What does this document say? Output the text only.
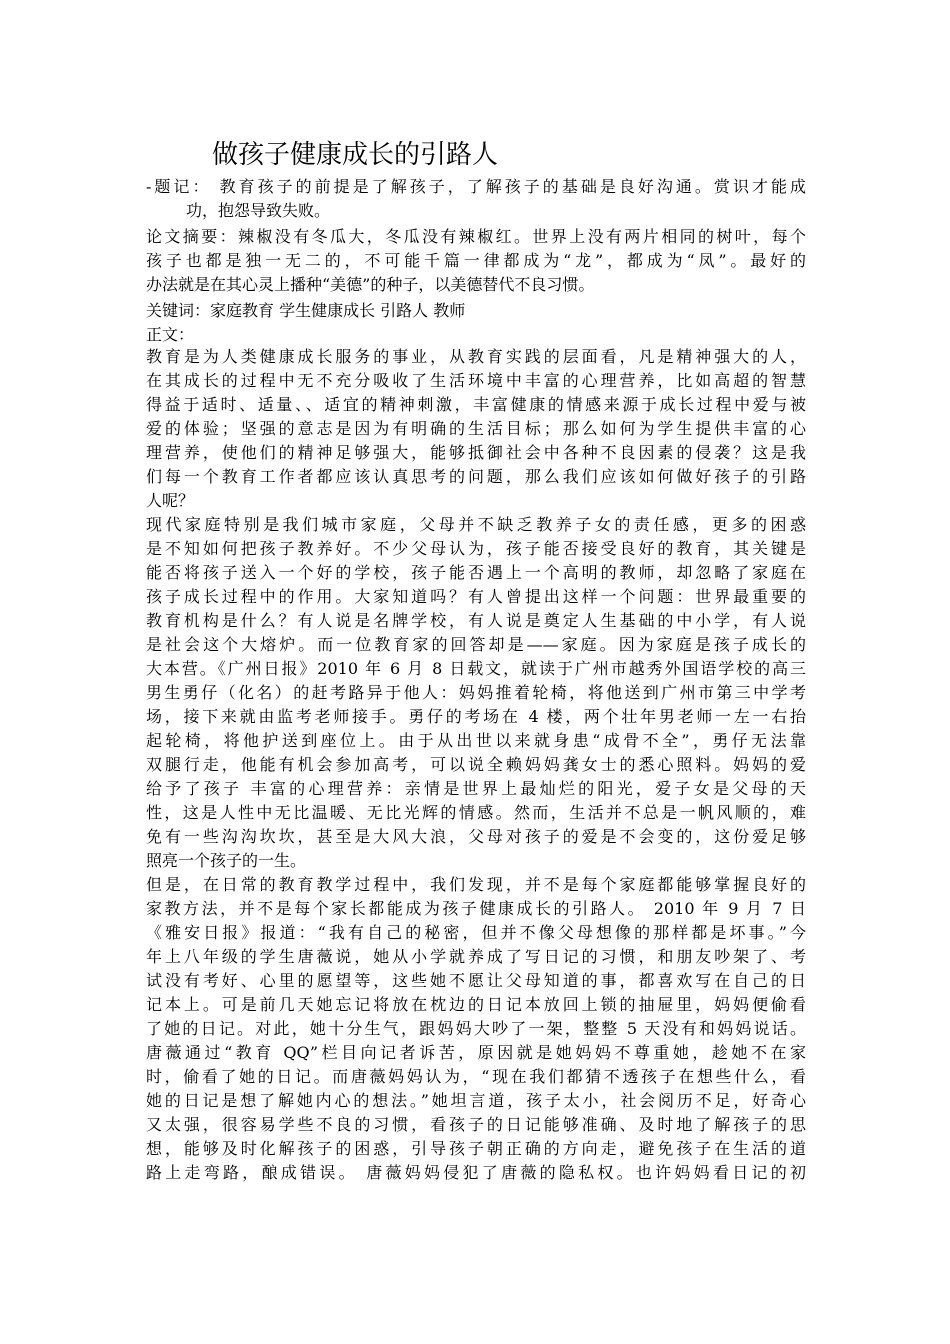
做孩子健康成长的引路人
-题记： 教育孩子的前提是了解孩子，了解孩子的基础是良好沟通。赏识才能成
功，抱怨导致失败。
论文摘要：辣椒没有冬瓜大，冬瓜没有辣椒红。世界上没有两片相同的树叶，每个
孩子也都是独一无二的，不可能千篇一律都成为“龙”，都成为“凤”。最好的
办法就是在其心灵上播种“美德”的种子，以美德替代不良习惯。
关键词：家庭教育 学生健康成长 引路人 教师
正文：
教育是为人类健康成长服务的事业，从教育实践的层面看，凡是精神强大的人，
在其成长的过程中无不充分吸收了生活环境中丰富的心理营养，比如高超的智慧
得益于适时、适量、、适宜的精神刺激，丰富健康的情感来源于成长过程中爱与被
爱的体验；坚强的意志是因为有明确的生活目标；那么如何为学生提供丰富的心
理营养，使他们的精神足够强大，能够抵御社会中各种不良因素的侵袭？这是我
们每一个教育工作者都应该认真思考的问题，那么我们应该如何做好孩子的引路
人呢？
现代家庭特别是我们城市家庭，父母并不缺乏教养子女的责任感，更多的困惑
是不知如何把孩子教养好。不少父母认为，孩子能否接受良好的教育，其关键是
能否将孩子送入一个好的学校，孩子能否遇上一个高明的教师，却忽略了家庭在
孩子成长过程中的作用。大家知道吗？有人曾提出这样一个问题：世界最重要的
教育机构是什么？有人说是名牌学校，有人说是奠定人生基础的中小学，有人说
是社会这个大熔炉。而一位教育家的回答却是——家庭。因为家庭是孩子成长的
大本营。《广州日报》2010 年 6 月 8 日载文，就读于广州市越秀外国语学校的高三
男生勇仔（化名）的赶考路异于他人：妈妈推着轮椅，将他送到广州市第三中学考
场，接下来就由监考老师接手。勇仔的考场在 4 楼，两个壮年男老师一左一右抬
起轮椅，将他护送到座位上。由于从出世以来就身患“成骨不全”，勇仔无法靠
双腿行走，他能有机会参加高考，可以说全赖妈妈龚女士的悉心照料。妈妈的爱
给予了孩子 丰富的心理营养：亲情是世界上最灿烂的阳光，爱子女是父母的天
性，这是人性中无比温暖、无比光辉的情感。然而，生活并不总是一帆风顺的，难
免有一些沟沟坎坎，甚至是大风大浪，父母对孩子的爱是不会变的，这份爱足够
照亮一个孩子的一生。
但是，在日常的教育教学过程中，我们发现，并不是每个家庭都能够掌握良好的
家教方法，并不是每个家长都能成为孩子健康成长的引路人。 2010 年 9 月 7 日
《雅安日报》报道：“我有自己的秘密，但并不像父母想像的那样都是坏事。”今
年上八年级的学生唐薇说，她从小学就养成了写日记的习惯，和朋友吵架了、考
试没有考好、心里的愿望等，这些她不愿让父母知道的事，都喜欢写在自己的日
记本上。可是前几天她忘记将放在枕边的日记本放回上锁的抽屉里，妈妈便偷看
了她的日记。对此，她十分生气，跟妈妈大吵了一架，整整 5 天没有和妈妈说话。
唐薇通过“教育 QQ”栏目向记者诉苦，原因就是她妈妈不尊重她，趁她不在家
时，偷看了她的日记。而唐薇妈妈认为，“现在我们都猜不透孩子在想些什么，看
她的日记是想了解她内心的想法。”她坦言道，孩子太小，社会阅历不足，好奇心
又太强，很容易学些不良的习惯，看孩子的日记能够准确、及时地了解孩子的思
想，能够及时化解孩子的困惑，引导孩子朝正确的方向走，避免孩子在生活的道
路上走弯路，酿成错误。 唐薇妈妈侵犯了唐薇的隐私权。也许妈妈看日记的初
